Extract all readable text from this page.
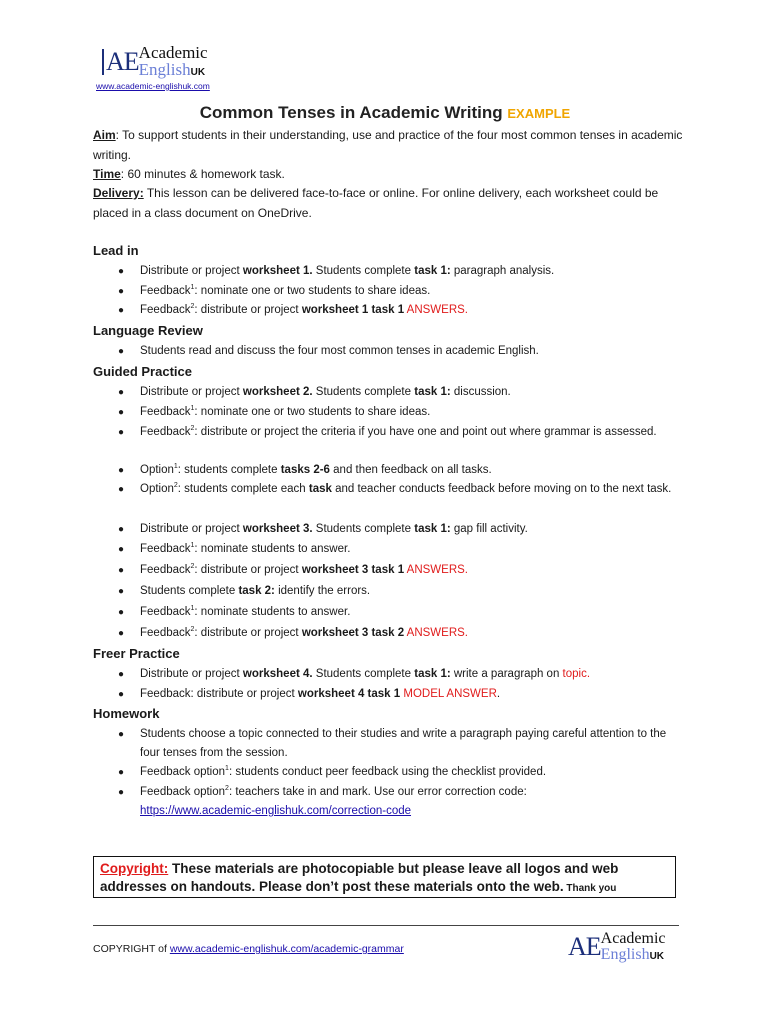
AE Academic
EnglishUK
www.academic-englishuk.com
Common Tenses in Academic Writing EXAMPLE
Aim: To support students in their understanding, use and practice of the four most common tenses in academic writing.
Time: 60 minutes & homework task.
Delivery: This lesson can be delivered face-to-face or online. For online delivery, each worksheet could be placed in a class document on OneDrive.
Lead in
● Distribute or project worksheet 1. Students complete task 1: paragraph analysis.
● Feedback$^1$: nominate one or two students to share ideas.
● Feedback$^2$: distribute or project worksheet 1 task 1 ANSWERS.
Language Review
● Students read and discuss the four most common tenses in academic English.
Guided Practice
● Distribute or project worksheet 2. Students complete task 1: discussion.
● Feedback$^1$: nominate one or two students to share ideas.
● Feedback$^2$: distribute or project the criteria if you have one and point out where grammar is assessed.
● Option$^1$: students complete tasks 2-6 and then feedback on all tasks.
● Option$^2$: students complete each task and teacher conducts feedback before moving on to the next task.
● Distribute or project worksheet 3. Students complete task 1: gap fill activity.
● Feedback$^1$: nominate students to answer.
● Feedback$^2$: distribute or project worksheet 3 task 1 ANSWERS.
● Students complete task 2: identify the errors.
● Feedback$^1$: nominate students to answer.
● Feedback$^2$: distribute or project worksheet 3 task 2 ANSWERS.
Freer Practice
● Distribute or project worksheet 4. Students complete task 1: write a paragraph on topic.
● Feedback: distribute or project worksheet 4 task 1 MODEL ANSWER.
Homework
● Students choose a topic connected to their studies and write a paragraph paying careful attention to the four tenses from the session.
● Feedback option$^1$: students conduct peer feedback using the checklist provided.
● Feedback option$^2$: teachers take in and mark. Use our error correction code:
https://www.academic-englishuk.com/correction-code
Copyright: These materials are photocopiable but please leave all logos and web addresses on handouts. Please don’t post these materials onto the web. Thank you
COPYRIGHT of www.academic-englishuk.com/academic-grammar	AE Academic
EnglishUK
